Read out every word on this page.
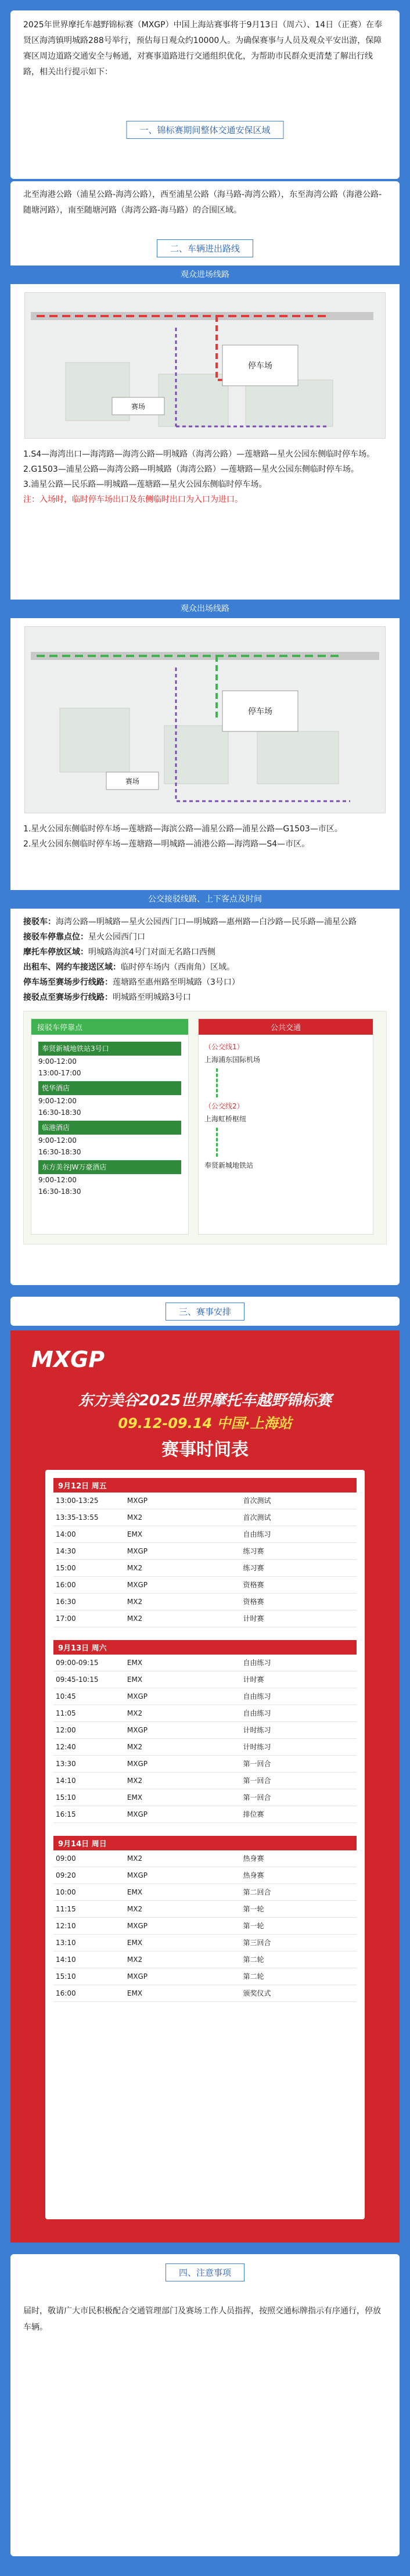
2025年世界摩托车越野锦标赛（MXGP）中国上海站赛事将于9月13日（周六）、14日（正赛）在奉贤区海湾镇明城路288号举行，预估每日观众约10000人。为确保赛事与人员及观众平安出游，保障赛区周边道路交通安全与畅通，对赛事道路进行交通组织优化，为帮助市民群众更清楚了解出行线路，相关出行提示如下：

一、锦标赛期间整体交通安保区域

北至海港公路（浦星公路-海湾公路），西至浦星公路（海马路-海湾公路），东至海湾公路（海港公路-随塘河路），南至随塘河路（海湾公路-海马路）的合围区域。

二、车辆进出路线
观众进场线路
停车场
赛场

1.S4—海湾出口—海湾路—海湾公路—明城路（海湾公路）—莲塘路—星火公园东侧临时停车场。

2.G1503—浦星公路—海湾公路—明城路（海湾公路）—莲塘路—星火公园东侧临时停车场。

3.浦星公路—民乐路—明城路—莲塘路—星火公园东侧临时停车场。

注：入场时，临时停车场出口及东侧临时出口为入口为进口。

观众出场线路
停车场
赛场

1.星火公园东侧临时停车场—莲塘路—海滨公路—浦星公路—浦星公路—G1503—市区。

2.星火公园东侧临时停车场—莲塘路—明城路—浦港公路—海湾路—S4—市区。

公交接驳线路、上下客点及时间

接驳车：海湾公路—明城路—星火公园西门口—明城路—惠州路—白沙路—民乐路—浦星公路

接驳车停靠点位：星火公园西门口

摩托车停放区域：明城路海滨4号门对面无名路口西侧

出租车、网约车接送区域：临时停车场内（西南角）区域。

停车场至赛场步行线路：莲塘路至惠州路至明城路（3号口）

接驳点至赛场步行线路：明城路至明城路3号口

接驳车停靠点
奉贤新城地铁站3号口
9:00-12:00
13:00-17:00
悦华酒店
9:00-12:00
16:30-18:30
临港酒店
9:00-12:00
16:30-18:30
东方美谷JW万豪酒店
9:00-12:00
16:30-18:30
公共交通
（公交线1）
上海浦东国际机场
（公交线2）
上海虹桥枢纽
奉贤新城地铁站
三、赛事安排
MXGP
东方美谷2025世界摩托车越野锦标赛
09.12-09.14 中国·上海站
赛事时间表
9月12日 周五
13:00-13:25	MXGP	首次测试
13:35-13:55	MX2	首次测试
14:00	EMX	自由练习
14:30	MXGP	练习赛
15:00	MX2	练习赛
16:00	MXGP	资格赛
16:30	MX2	资格赛
17:00	MX2	计时赛
9月13日 周六
09:00-09:15	EMX	自由练习
09:45-10:15	EMX	计时赛
10:45	MXGP	自由练习
11:05	MX2	自由练习
12:00	MXGP	计时练习
12:40	MX2	计时练习
13:30	MXGP	第一回合
14:10	MX2	第一回合
15:10	EMX	第一回合
16:15	MXGP	排位赛
9月14日 周日
09:00	MX2	热身赛
09:20	MXGP	热身赛
10:00	EMX	第二回合
11:15	MX2	第一轮
12:10	MXGP	第一轮
13:10	EMX	第三回合
14:10	MX2	第二轮
15:10	MXGP	第二轮
16:00	EMX	颁奖仪式
四、注意事项

届时，敬请广大市民积极配合交通管理部门及赛场工作人员指挥，按照交通标牌指示有序通行，停放车辆。
